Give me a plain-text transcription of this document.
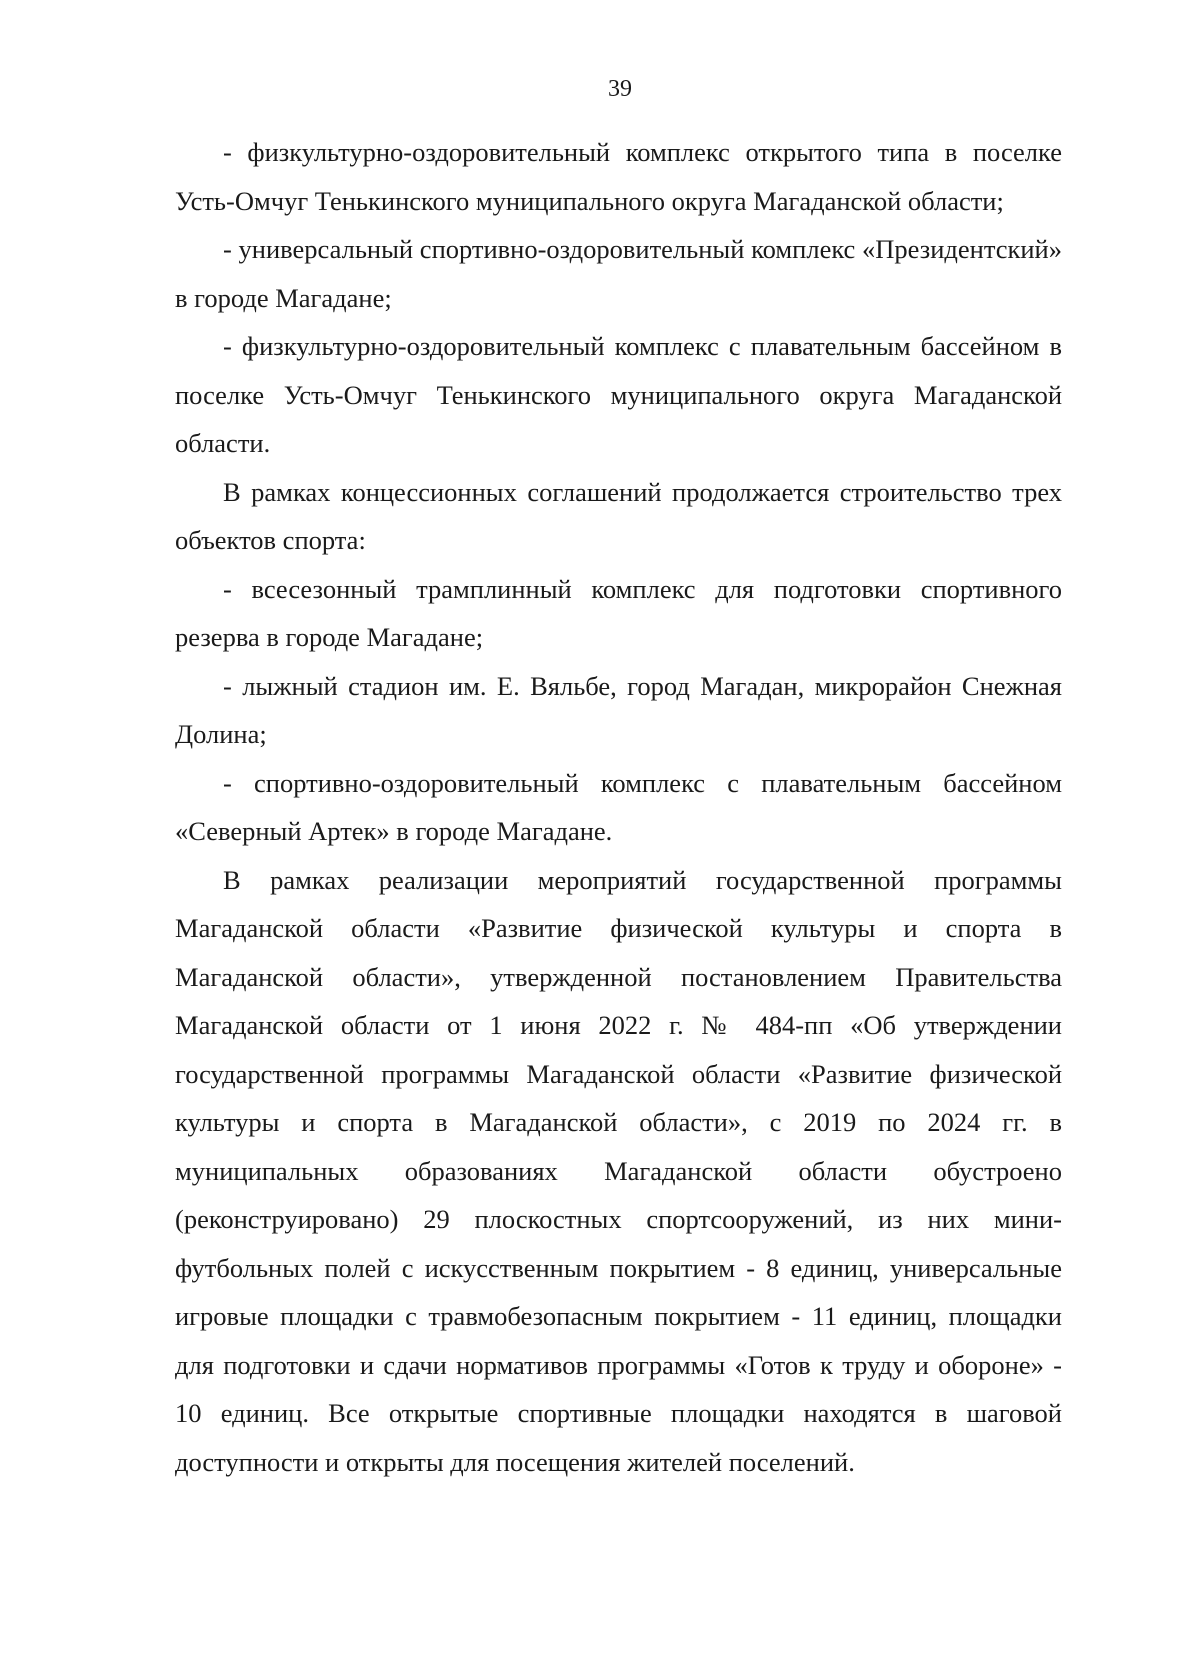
39

- физкультурно-оздоровительный комплекс открытого типа в поселке Усть-Омчуг Тенькинского муниципального округа Магаданской области;

- универсальный спортивно-оздоровительный комплекс «Президентский» в городе Магадане;

- физкультурно-оздоровительный комплекс с плавательным бассейном в поселке Усть-Омчуг Тенькинского муниципального округа Магаданской области.

В рамках концессионных соглашений продолжается строительство трех объектов спорта:

- всесезонный трамплинный комплекс для подготовки спортивного резерва в городе Магадане;

- лыжный стадион им. Е. Вяльбе, город Магадан, микрорайон Снежная Долина;

- спортивно-оздоровительный комплекс с плавательным бассейном «Северный Артек» в городе Магадане.

В рамках реализации мероприятий государственной программы Магаданской области «Развитие физической культуры и спорта в Магаданской области», утвержденной постановлением Правительства Магаданской области от 1 июня 2022 г. № 484-пп «Об утверждении государственной программы Магаданской области «Развитие физической культуры и спорта в Магаданской области», с 2019 по 2024 гг. в муниципальных образованиях Магаданской области обустроено (реконструировано) 29 плоскостных спортсооружений, из них мини-футбольных полей с искусственным покрытием - 8 единиц, универсальные игровые площадки с травмобезопасным покрытием - 11 единиц, площадки для подготовки и сдачи нормативов программы «Готов к труду и обороне» - 10 единиц. Все открытые спортивные площадки находятся в шаговой доступности и открыты для посещения жителей поселений.
